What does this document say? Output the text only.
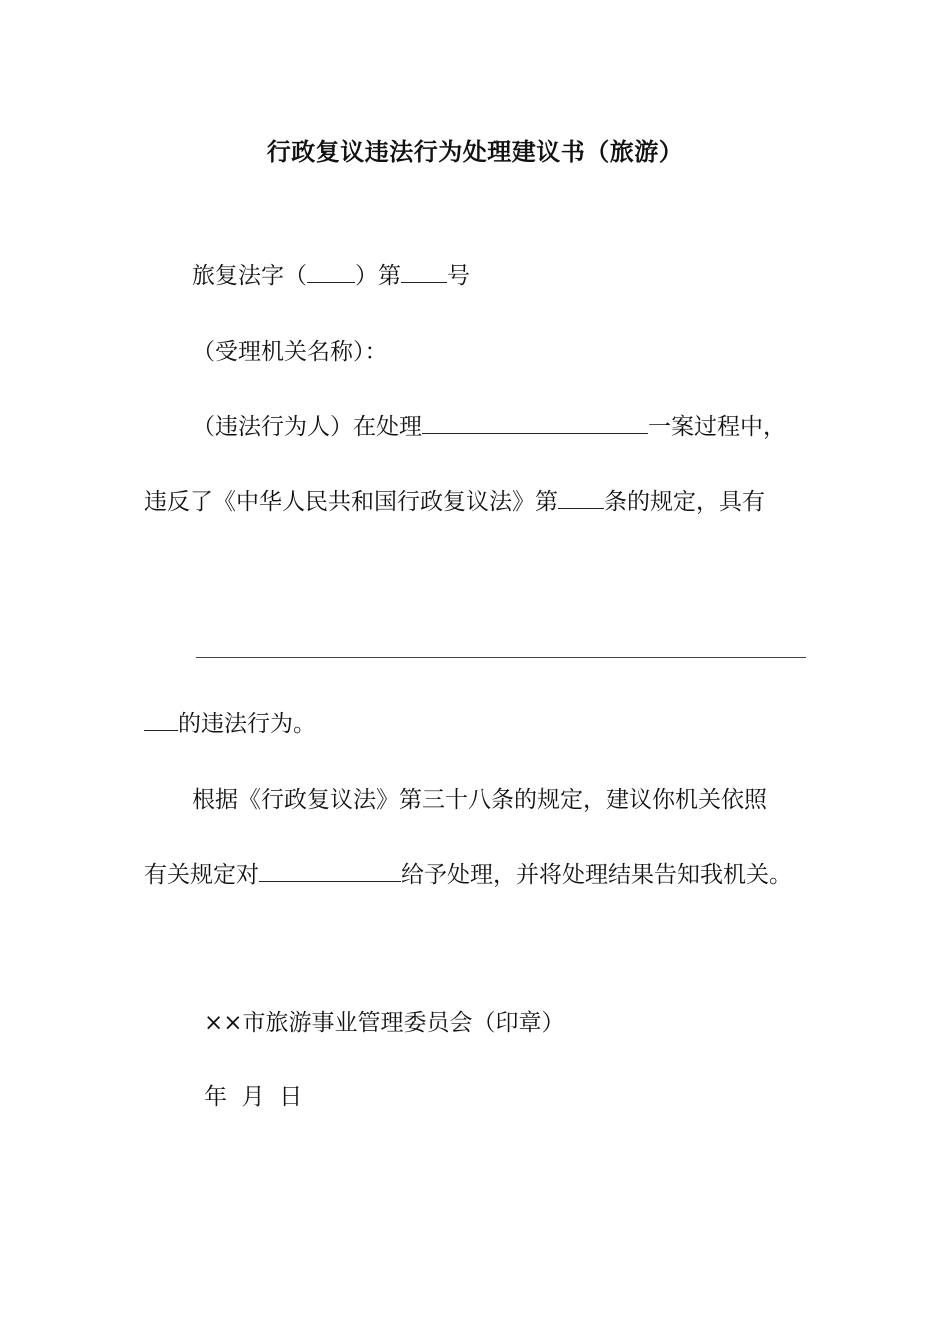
行政复议违法行为处理建议书（旅游）
旅复法字（ ）第 号
（受理机关名称）：
（违法行为人）在处理	一案过程中，
违反了《中华人民共和国行政复议法》第 条的规定，具有
的违法行为。
根据《行政复议法》第三十八条的规定，建议你机关依照
有关规定对	给予处理，并将处理结果告知我机关。
××市旅游事业管理委员会（印章）
年  月  日
